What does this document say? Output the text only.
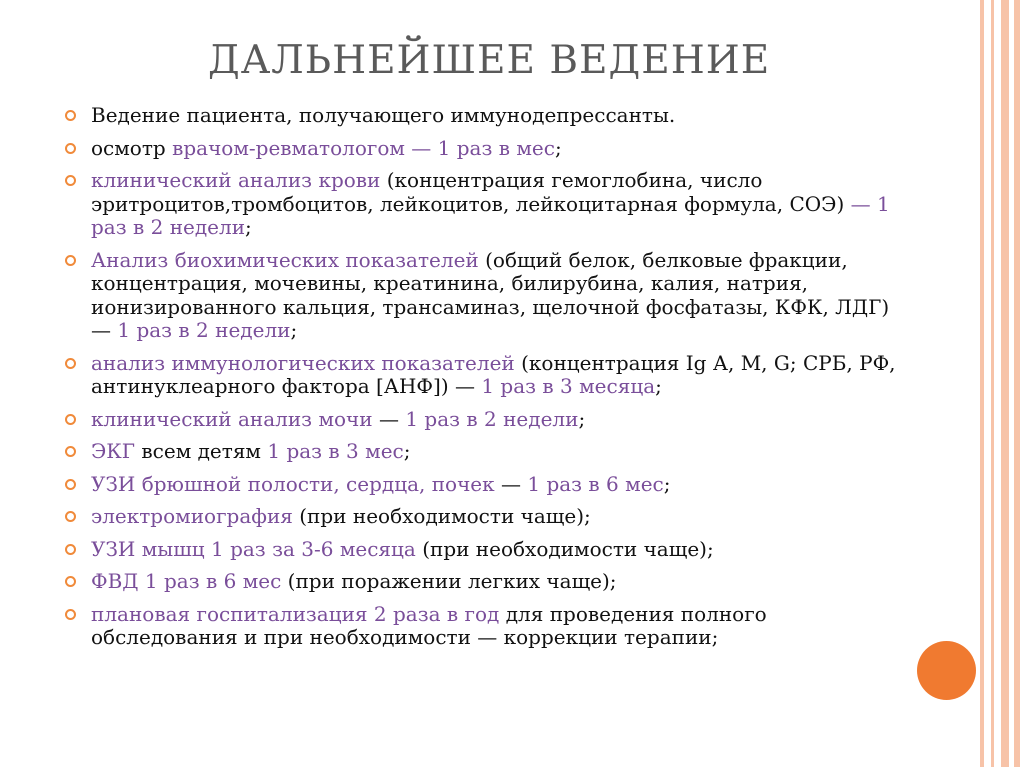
ДАЛЬНЕЙШЕЕ ВЕДЕНИЕ
Ведение пациента, получающего иммунодепрессанты.
осмотр врачом-ревматологом — 1 раз в мес;
клинический анализ крови (концентрация гемоглобина, число эритроцитов,тромбоцитов, лейкоцитов, лейкоцитарная формула, СОЭ) — 1 раз в 2 недели;
Анализ биохимических показателей (общий белок, белковые фракции, концентрация, мочевины, креатинина, билирубина, калия, натрия, ионизированного кальция, трансаминаз, щелочной фосфатазы, КФК, ЛДГ) — 1 раз в 2 недели;
анализ иммунологических показателей (концентрация Ig А, М, G; СРБ, РФ, антинуклеарного фактора [АНФ]) — 1 раз в 3 месяца;
клинический анализ мочи — 1 раз в 2 недели;
ЭКГ всем детям 1 раз в 3 мес;
УЗИ брюшной полости, сердца, почек — 1 раз в 6 мес;
электромиография (при необходимости чаще);
УЗИ мышц 1 раз за 3-6 месяца (при необходимости чаще);
ФВД 1 раз в 6 мес (при поражении легких чаще);
плановая госпитализация 2 раза в год для проведения полного обследования и при необходимости — коррекции терапии;
